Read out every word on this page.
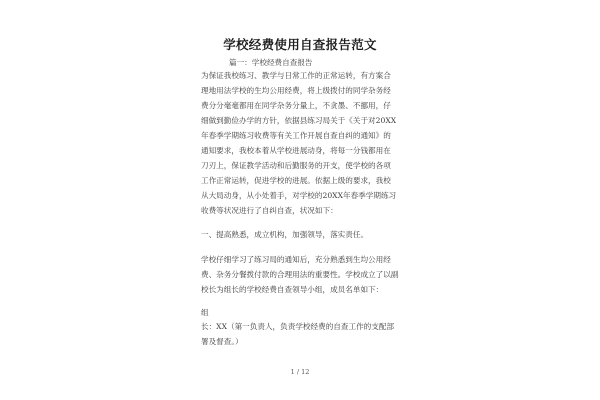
学校经费使用自查报告范文
篇一：学校经费自查报告
为保证我校练习、教学与日常工作的正常运转，有方案合
理地用法学校的生均公用经费，将上级拨付的同学杂务经
费分分毫毫都用在同学杂务分量上，不贪墨、不挪用，仔
细做到勤俭办学的方针，依据县练习局关于《关于对20XX
年春季学期练习收费等有关工作开展自查自纠的通知》的
通知要求，我校本着从学校进展动身，将每一分钱都用在
刀刃上，保证教学活动和后勤服务的开支，使学校的各项
工作正常运转，促进学校的进展。依据上级的要求，我校
从大局动身，从小处着手，对学校的20XX年春季学期练习
收费等状况进行了自纠自查，状况如下：
一、提高熟悉，成立机构，加强领导，落实责任。
学校仔细学习了练习局的通知后，充分熟悉到生均公用经
费、杂务分餐拨付款的合理用法的重要性。学校成立了以副
校长为组长的学校经费自查领导小组，成员名单如下：
组
长：XX（第一负责人，负责学校经费的自查工作的支配部
署及督查。）
1 / 12
